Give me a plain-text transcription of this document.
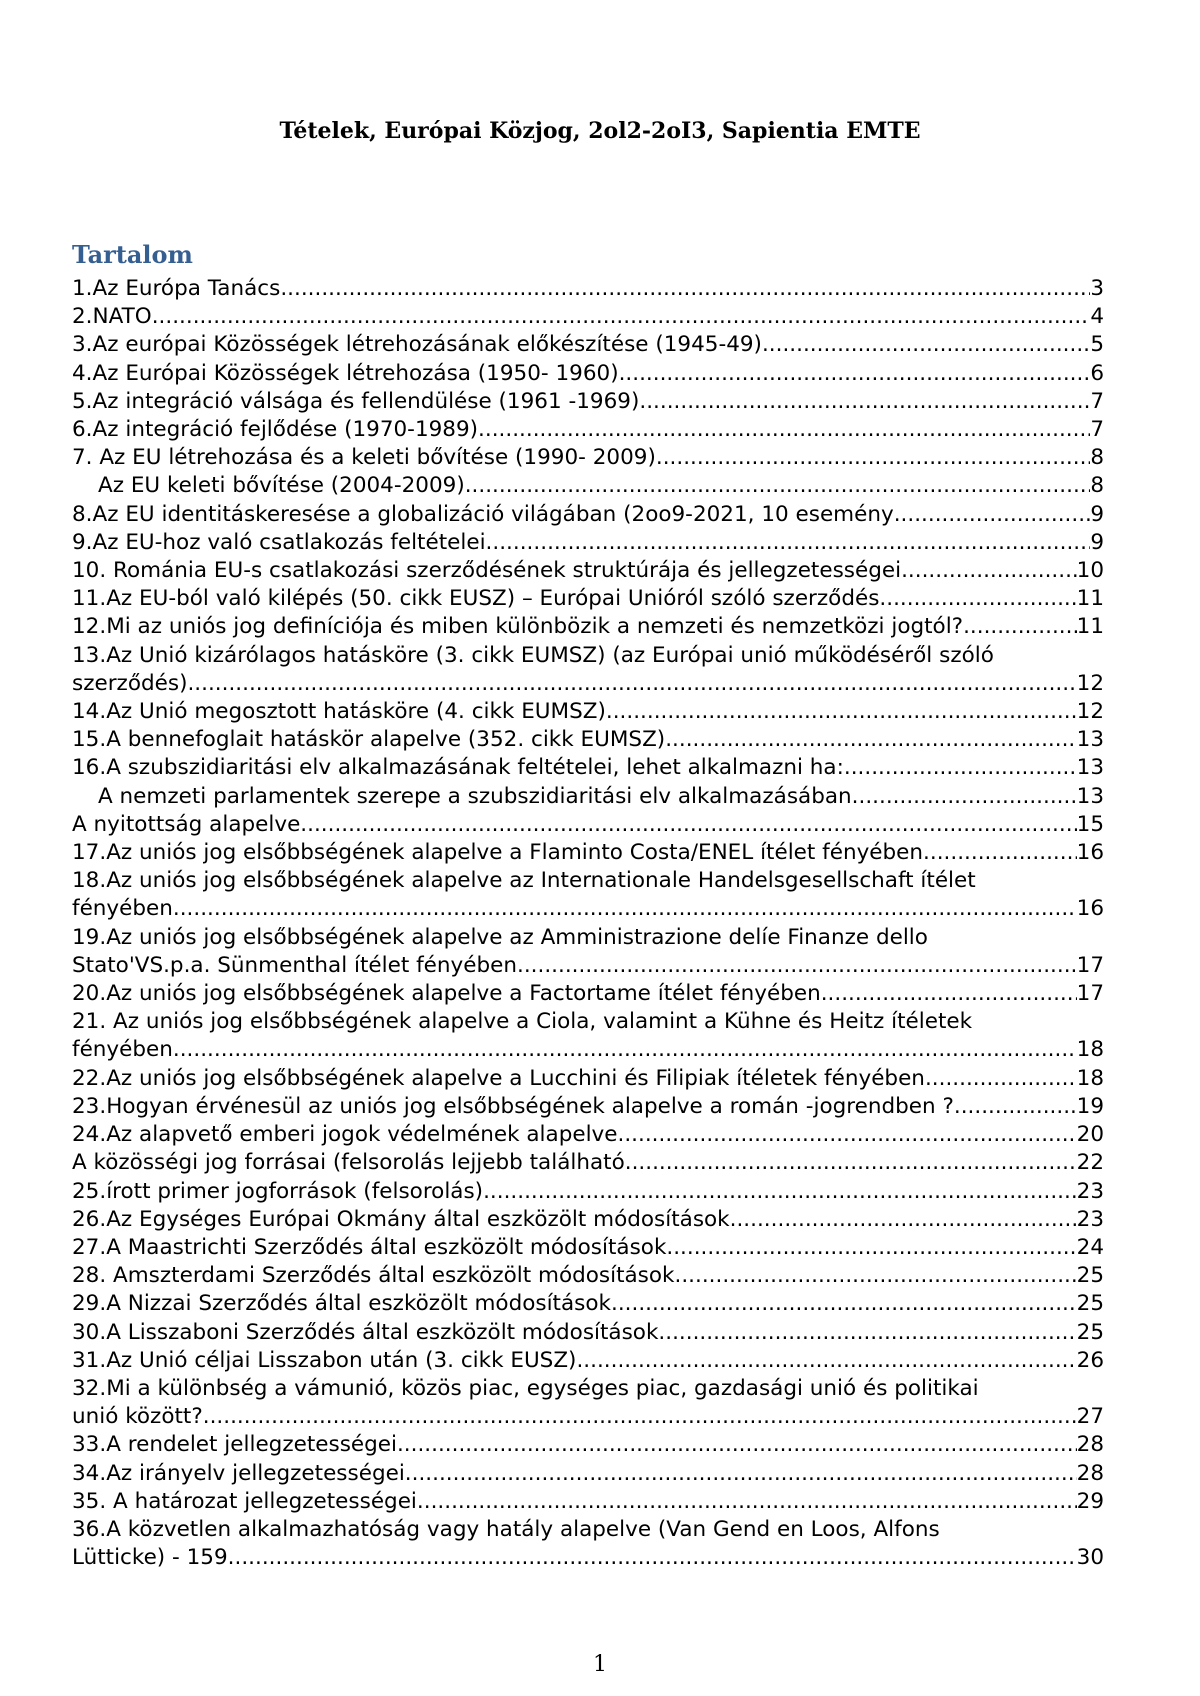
Tételek, Európai Közjog, 2ol2-2oI3, Sapientia EMTE
Tartalom
1.Az Európa Tanács .....	3
2.NATO .....	4
3.Az európai Közösségek létrehozásának előkészítése (1945-49). .....	5
4.Az Európai Közösségek létrehozása (1950- 1960) .....	6
5.Az integráció válsága és fellendülése (1961 -1969) .....	7
6.Az integráció fejlődése (1970-1989) .....	7
7. Az EU létrehozása és a keleti bővítése (1990- 2009). .....	8
Az EU keleti bővítése (2004-2009) .....	8
8.Az EU identitáskeresése a globalizáció világában (2oo9-2021, 10 esemény .....	9
9.Az EU-hoz való csatlakozás feltételei. .....	9
10. Románia EU-s csatlakozási szerződésének struktúrája és jellegzetességei .....	10
11.Az EU-ból való kilépés (50. cikk EUSZ) – Európai Unióról szóló szerződés .....	11
12.Mi az uniós jog definíciója és miben különbözik a nemzeti és nemzetközi jogtól? .....	11
13.Az Unió kizárólagos hatásköre (3. cikk EUMSZ) (az Európai unió működéséről szóló
szerződés) .....	12
14.Az Unió megosztott hatásköre (4. cikk EUMSZ) .....	12
15.A bennefoglait hatáskör alapelve (352. cikk EUMSZ) .....	13
16.A szubszidiaritási elv alkalmazásának feltételei, lehet alkalmazni ha: .....	13
A nemzeti parlamentek szerepe a szubszidiaritási elv alkalmazásában .....	13
A nyitottság alapelve .....	15
17.Az uniós jog elsőbbségének alapelve a Flaminto Costa/ENEL ítélet fényében .....	16
18.Az uniós jog elsőbbségének alapelve az Internationale Handelsgesellschaft ítélet
fényében .....	16
19.Az uniós jog elsőbbségének alapelve az Amministrazione delíe Finanze dello
Stato'VS.p.a. Sünmenthal ítélet fényében. .....	17
20.Az uniós jog elsőbbségének alapelve a Factortame ítélet fényében .....	17
21. Az uniós jog elsőbbségének alapelve a Ciola, valamint a Kühne és Heitz ítéletek
fényében .....	18
22.Az uniós jog elsőbbségének alapelve a Lucchini és Filipiak ítéletek fényében .....	18
23.Hogyan érvénesül az uniós jog elsőbbségének alapelve a román -jogrendben ? .....	19
24.Az alapvető emberi jogok védelmének alapelve .....	20
A közösségi jog forrásai (felsorolás lejjebb található .....	22
25.írott primer jogforrások (felsorolás) .....	23
26.Az Egységes Európai Okmány által eszközölt módosítások .....	23
27.A Maastrichti Szerződés által eszközölt módosítások .....	24
28. Amszterdami Szerződés által eszközölt módosítások .....	25
29.A Nizzai Szerződés által eszközölt módosítások .....	25
30.A Lisszaboni Szerződés által eszközölt módosítások .....	25
31.Az Unió céljai Lisszabon után (3. cikk EUSZ) .....	26
32.Mi a különbség a vámunió, közös piac, egységes piac, gazdasági unió és politikai
unió között? .....	27
33.A rendelet jellegzetességei .....	28
34.Az irányelv jellegzetességei. .....	28
35. A határozat jellegzetességei. .....	29
36.A közvetlen alkalmazhatóság vagy hatály alapelve (Van Gend en Loos, Alfons
Lütticke) - 159 .....	30
1
